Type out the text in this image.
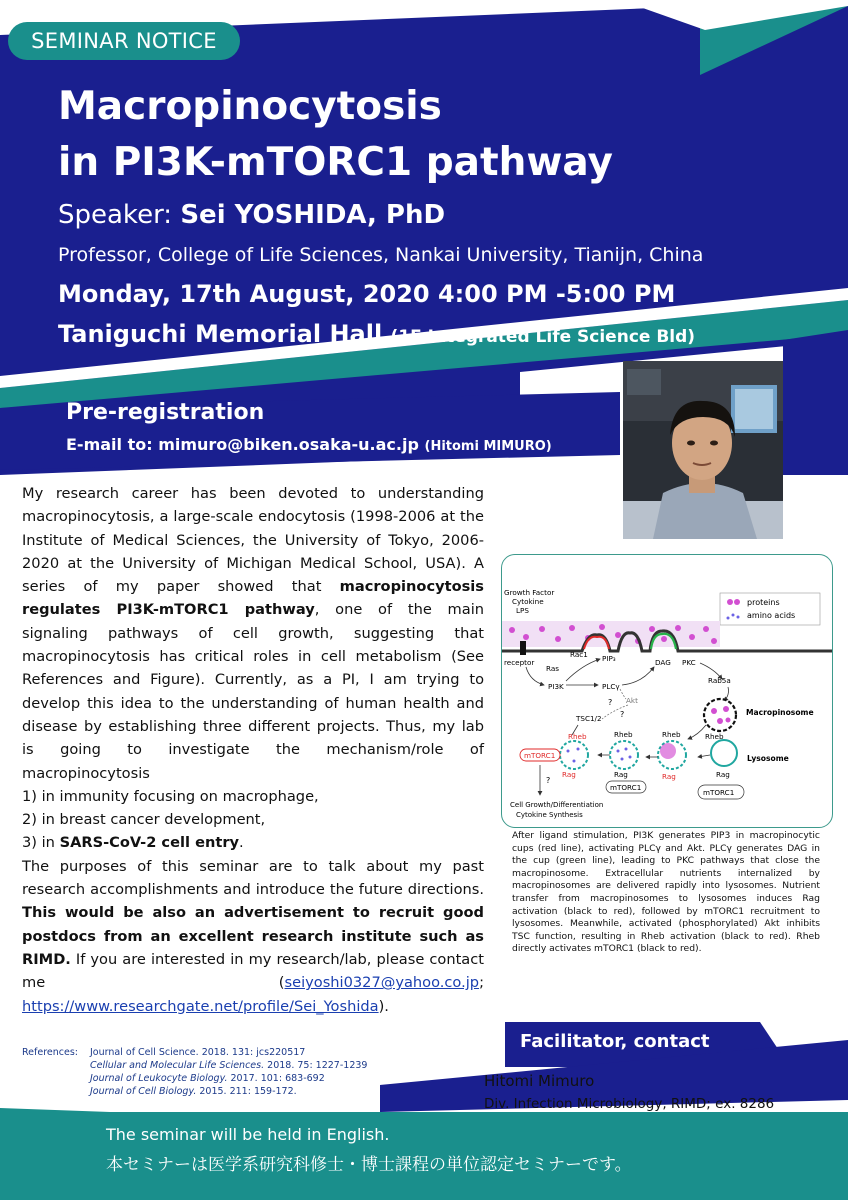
SEMINAR NOTICE
Macropinocytosis
in PI3K-mTORC1 pathway
Speaker: Sei YOSHIDA, PhD
Professor, College of Life Sciences, Nankai University, Tianijn, China
Monday, 17th August, 2020 4:00 PM -5:00 PM
Taniguchi Memorial Hall (1F Integrated Life Science Bld)
Pre-registration
E-mail to: mimuro@biken.osaka-u.ac.jp (Hitomi MIMURO)

My research career has been devoted to understanding macropinocytosis, a large-scale endocytosis (1998-2006 at the Institute of Medical Sciences, the University of Tokyo, 2006-2020 at the University of Michigan Medical School, USA). A series of my paper showed that macropinocytosis regulates PI3K-mTORC1 pathway, one of the main signaling pathways of cell growth, suggesting that macropinocytosis has critical roles in cell metabolism (See References and Figure). Currently, as a PI, I am trying to develop this idea to the understanding of human health and disease by establishing three different projects. Thus, my lab is going to investigate the mechanism/role of macropinocytosis

1) in immunity focusing on macrophage,

2) in breast cancer development,

3) in SARS-CoV-2 cell entry.

The purposes of this seminar are to talk about my past research accomplishments and introduce the future directions. This would be also an advertisement to recruit good postdocs from an excellent research institute such as RIMD. If you are interested in my research/lab, please contact me (seiyoshi0327@yahoo.co.jp; https://www.researchgate.net/profile/Sei_Yoshida).

References:	Journal of Cell Science. 2018. 131: jcs220517
Cellular and Molecular Life Sciences. 2018. 75: 1227-1239
Journal of Leukocyte Biology. 2017. 101: 683-692
Journal of Cell Biology. 2015. 211: 159-172.
proteins
amino acids
Growth Factor
Cytokine
LPS
receptor
Ras
Rac1 PIP₃	DAG PKC
PI3K	PLCγ
Akt
?
?
Rab5a
Macropinosome
Rheb
Rag
Lysosome
Rheb
Rag
Rheb
Rag
mTORC1
Rheb
Rag
mTORC1
TSC1/2
?
Cell Growth/Differentiation
Cytokine Synthesis
mTORC1
After ligand stimulation, PI3K generates PIP3 in macropinocytic cups (red line), activating PLCγ and Akt. PLCγ generates DAG in the cup (green line), leading to PKC pathways that close the macropinosome. Extracellular nutrients internalized by macropinosomes are delivered rapidly into lysosomes. Nutrient transfer from macropinosomes to lysosomes induces Rag activation (black to red), followed by mTORC1 recruitment to lysosomes. Meanwhile, activated (phosphorylated) Akt inhibits TSC function, resulting in Rheb activation (black to red). Rheb directly activates mTORC1 (black to red).
Facilitator, contact
Hitomi Mimuro
Div. Infection Microbiology, RIMD; ex. 8286
The seminar will be held in English.
本セミナーは医学系研究科修士・博士課程の単位認定セミナーです。
